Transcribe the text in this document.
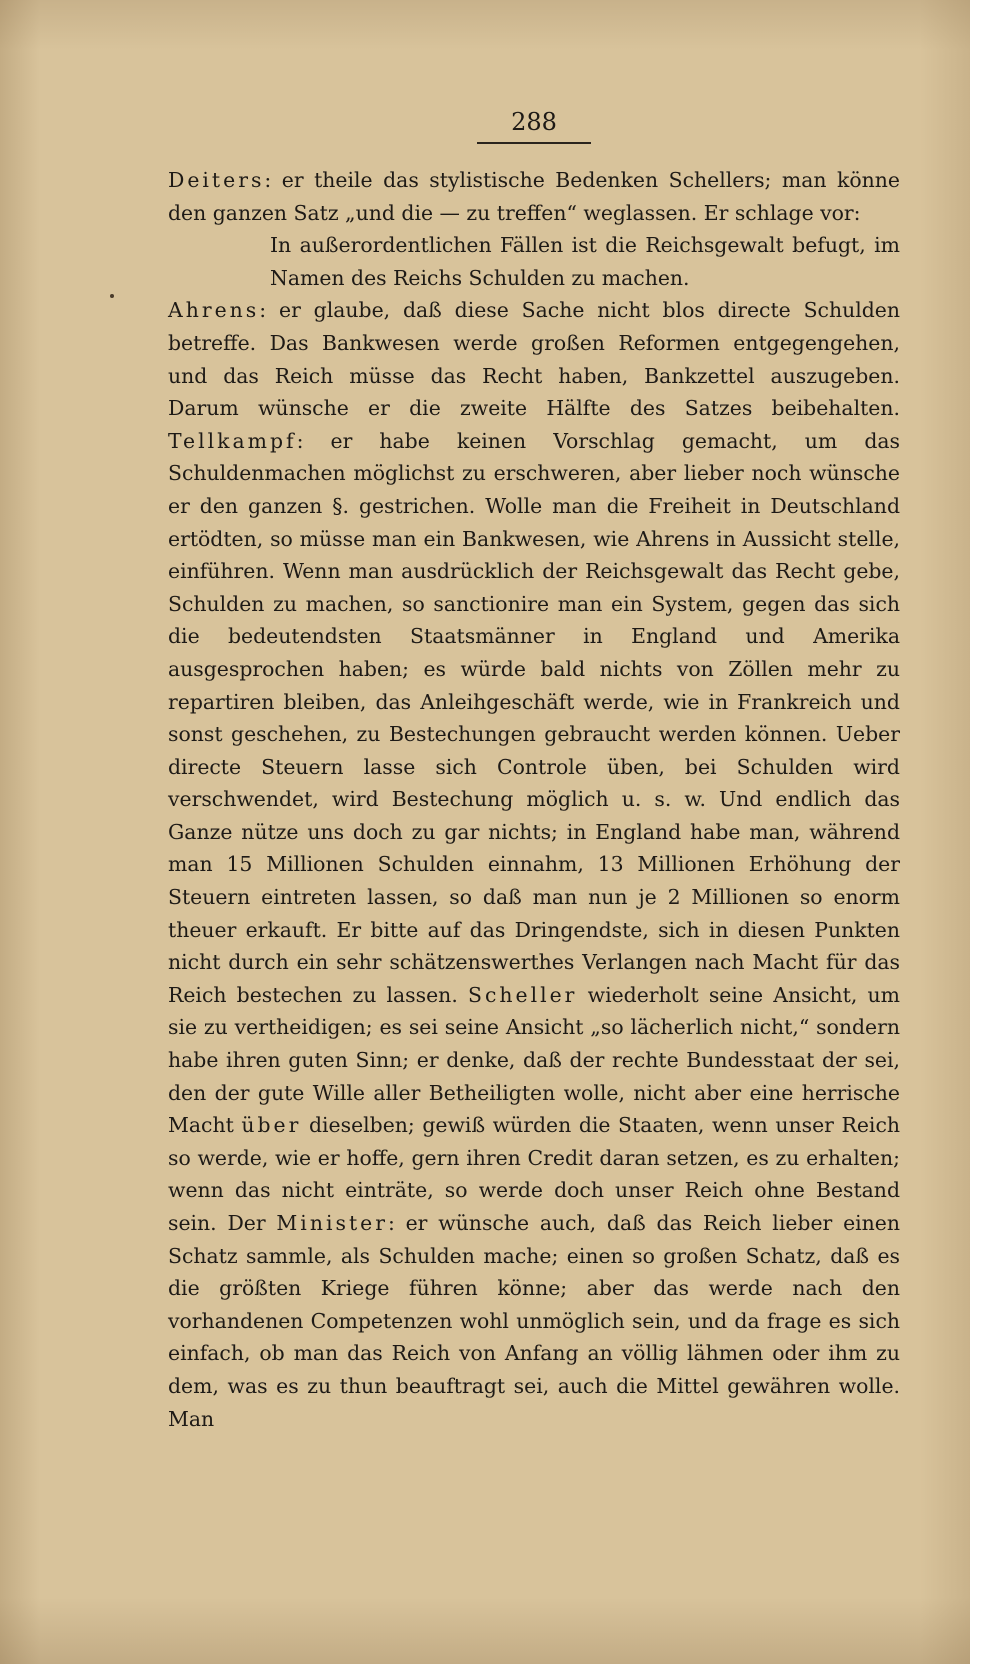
288

Deiters: er theile das stylistische Bedenken Schellers; man könne den ganzen Satz „und die — zu treffen“ weglassen. Er schlage vor:

In außerordentlichen Fällen ist die Reichsgewalt befugt, im Namen des Reichs Schulden zu machen.

Ahrens: er glaube, daß diese Sache nicht blos directe Schulden betreffe. Das Bankwesen werde großen Reformen entgegengehen, und das Reich müsse das Recht haben, Bankzettel auszugeben. Darum wünsche er die zweite Hälfte des Satzes beibehalten. Tellkampf: er habe keinen Vorschlag gemacht, um das Schuldenmachen möglichst zu erschweren, aber lieber noch wünsche er den ganzen §. gestrichen. Wolle man die Freiheit in Deutschland ertödten, so müsse man ein Bankwesen, wie Ahrens in Aussicht stelle, einführen. Wenn man ausdrücklich der Reichsgewalt das Recht gebe, Schulden zu machen, so sanctionire man ein System, gegen das sich die bedeutendsten Staatsmänner in England und Amerika ausgesprochen haben; es würde bald nichts von Zöllen mehr zu repartiren bleiben, das Anleihgeschäft werde, wie in Frankreich und sonst geschehen, zu Bestechungen gebraucht werden können. Ueber directe Steuern lasse sich Controle üben, bei Schulden wird verschwendet, wird Bestechung möglich u. s. w. Und endlich das Ganze nütze uns doch zu gar nichts; in England habe man, während man 15 Millionen Schulden einnahm, 13 Millionen Erhöhung der Steuern eintreten lassen, so daß man nun je 2 Millionen so enorm theuer erkauft. Er bitte auf das Dringendste, sich in diesen Punkten nicht durch ein sehr schätzenswerthes Verlangen nach Macht für das Reich bestechen zu lassen. Scheller wiederholt seine Ansicht, um sie zu vertheidigen; es sei seine Ansicht „so lächerlich nicht,“ sondern habe ihren guten Sinn; er denke, daß der rechte Bundesstaat der sei, den der gute Wille aller Betheiligten wolle, nicht aber eine herrische Macht über dieselben; gewiß würden die Staaten, wenn unser Reich so werde, wie er hoffe, gern ihren Credit daran setzen, es zu erhalten; wenn das nicht einträte, so werde doch unser Reich ohne Bestand sein. Der Minister: er wünsche auch, daß das Reich lieber einen Schatz sammle, als Schulden mache; einen so großen Schatz, daß es die größten Kriege führen könne; aber das werde nach den vorhandenen Competenzen wohl unmöglich sein, und da frage es sich einfach, ob man das Reich von Anfang an völlig lähmen oder ihm zu dem, was es zu thun beauftragt sei, auch die Mittel gewähren wolle. Man
